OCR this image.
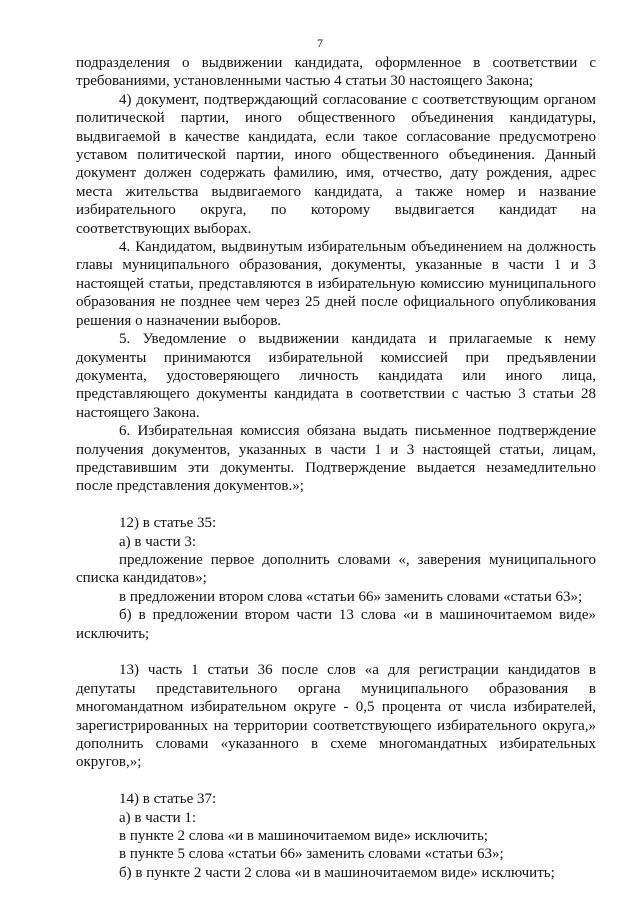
7
подразделения о выдвижении кандидата, оформленное в соответствии с
требованиями, установленными частью 4 статьи 30 настоящего Закона;
4) документ, подтверждающий согласование с соответствующим органом
политической партии, иного общественного объединения кандидатуры,
выдвигаемой в качестве кандидата, если такое согласование предусмотрено
уставом политической партии, иного общественного объединения. Данный
документ должен содержать фамилию, имя, отчество, дату рождения, адрес
места жительства выдвигаемого кандидата, а также номер и название
избирательного округа, по которому выдвигается кандидат на
соответствующих выборах.
4. Кандидатом, выдвинутым избирательным объединением на должность
главы муниципального образования, документы, указанные в части 1 и 3
настоящей статьи, представляются в избирательную комиссию муниципального
образования не позднее чем через 25 дней после официального опубликования
решения о назначении выборов.
5. Уведомление о выдвижении кандидата и прилагаемые к нему
документы принимаются избирательной комиссией при предъявлении
документа, удостоверяющего личность кандидата или иного лица,
представляющего документы кандидата в соответствии с частью 3 статьи 28
настоящего Закона.
6. Избирательная комиссия обязана выдать письменное подтверждение
получения документов, указанных в части 1 и 3 настоящей статьи, лицам,
представившим эти документы. Подтверждение выдается незамедлительно
после представления документов.»;
12) в статье 35:
а) в части 3:
предложение первое дополнить словами «, заверения муниципального
списка кандидатов»;
в предложении втором слова «статьи 66» заменить словами «статьи 63»;
б) в предложении втором части 13 слова «и в машиночитаемом виде»
исключить;
13) часть 1 статьи 36 после слов «а для регистрации кандидатов в
депутаты представительного органа муниципального образования в
многомандатном избирательном округе - 0,5 процента от числа избирателей,
зарегистрированных на территории соответствующего избирательного округа,»
дополнить словами «указанного в схеме многомандатных избирательных
округов,»;
14) в статье 37:
а) в части 1:
в пункте 2 слова «и в машиночитаемом виде» исключить;
в пункте 5 слова «статьи 66» заменить словами «статьи 63»;
б) в пункте 2 части 2 слова «и в машиночитаемом виде» исключить;
